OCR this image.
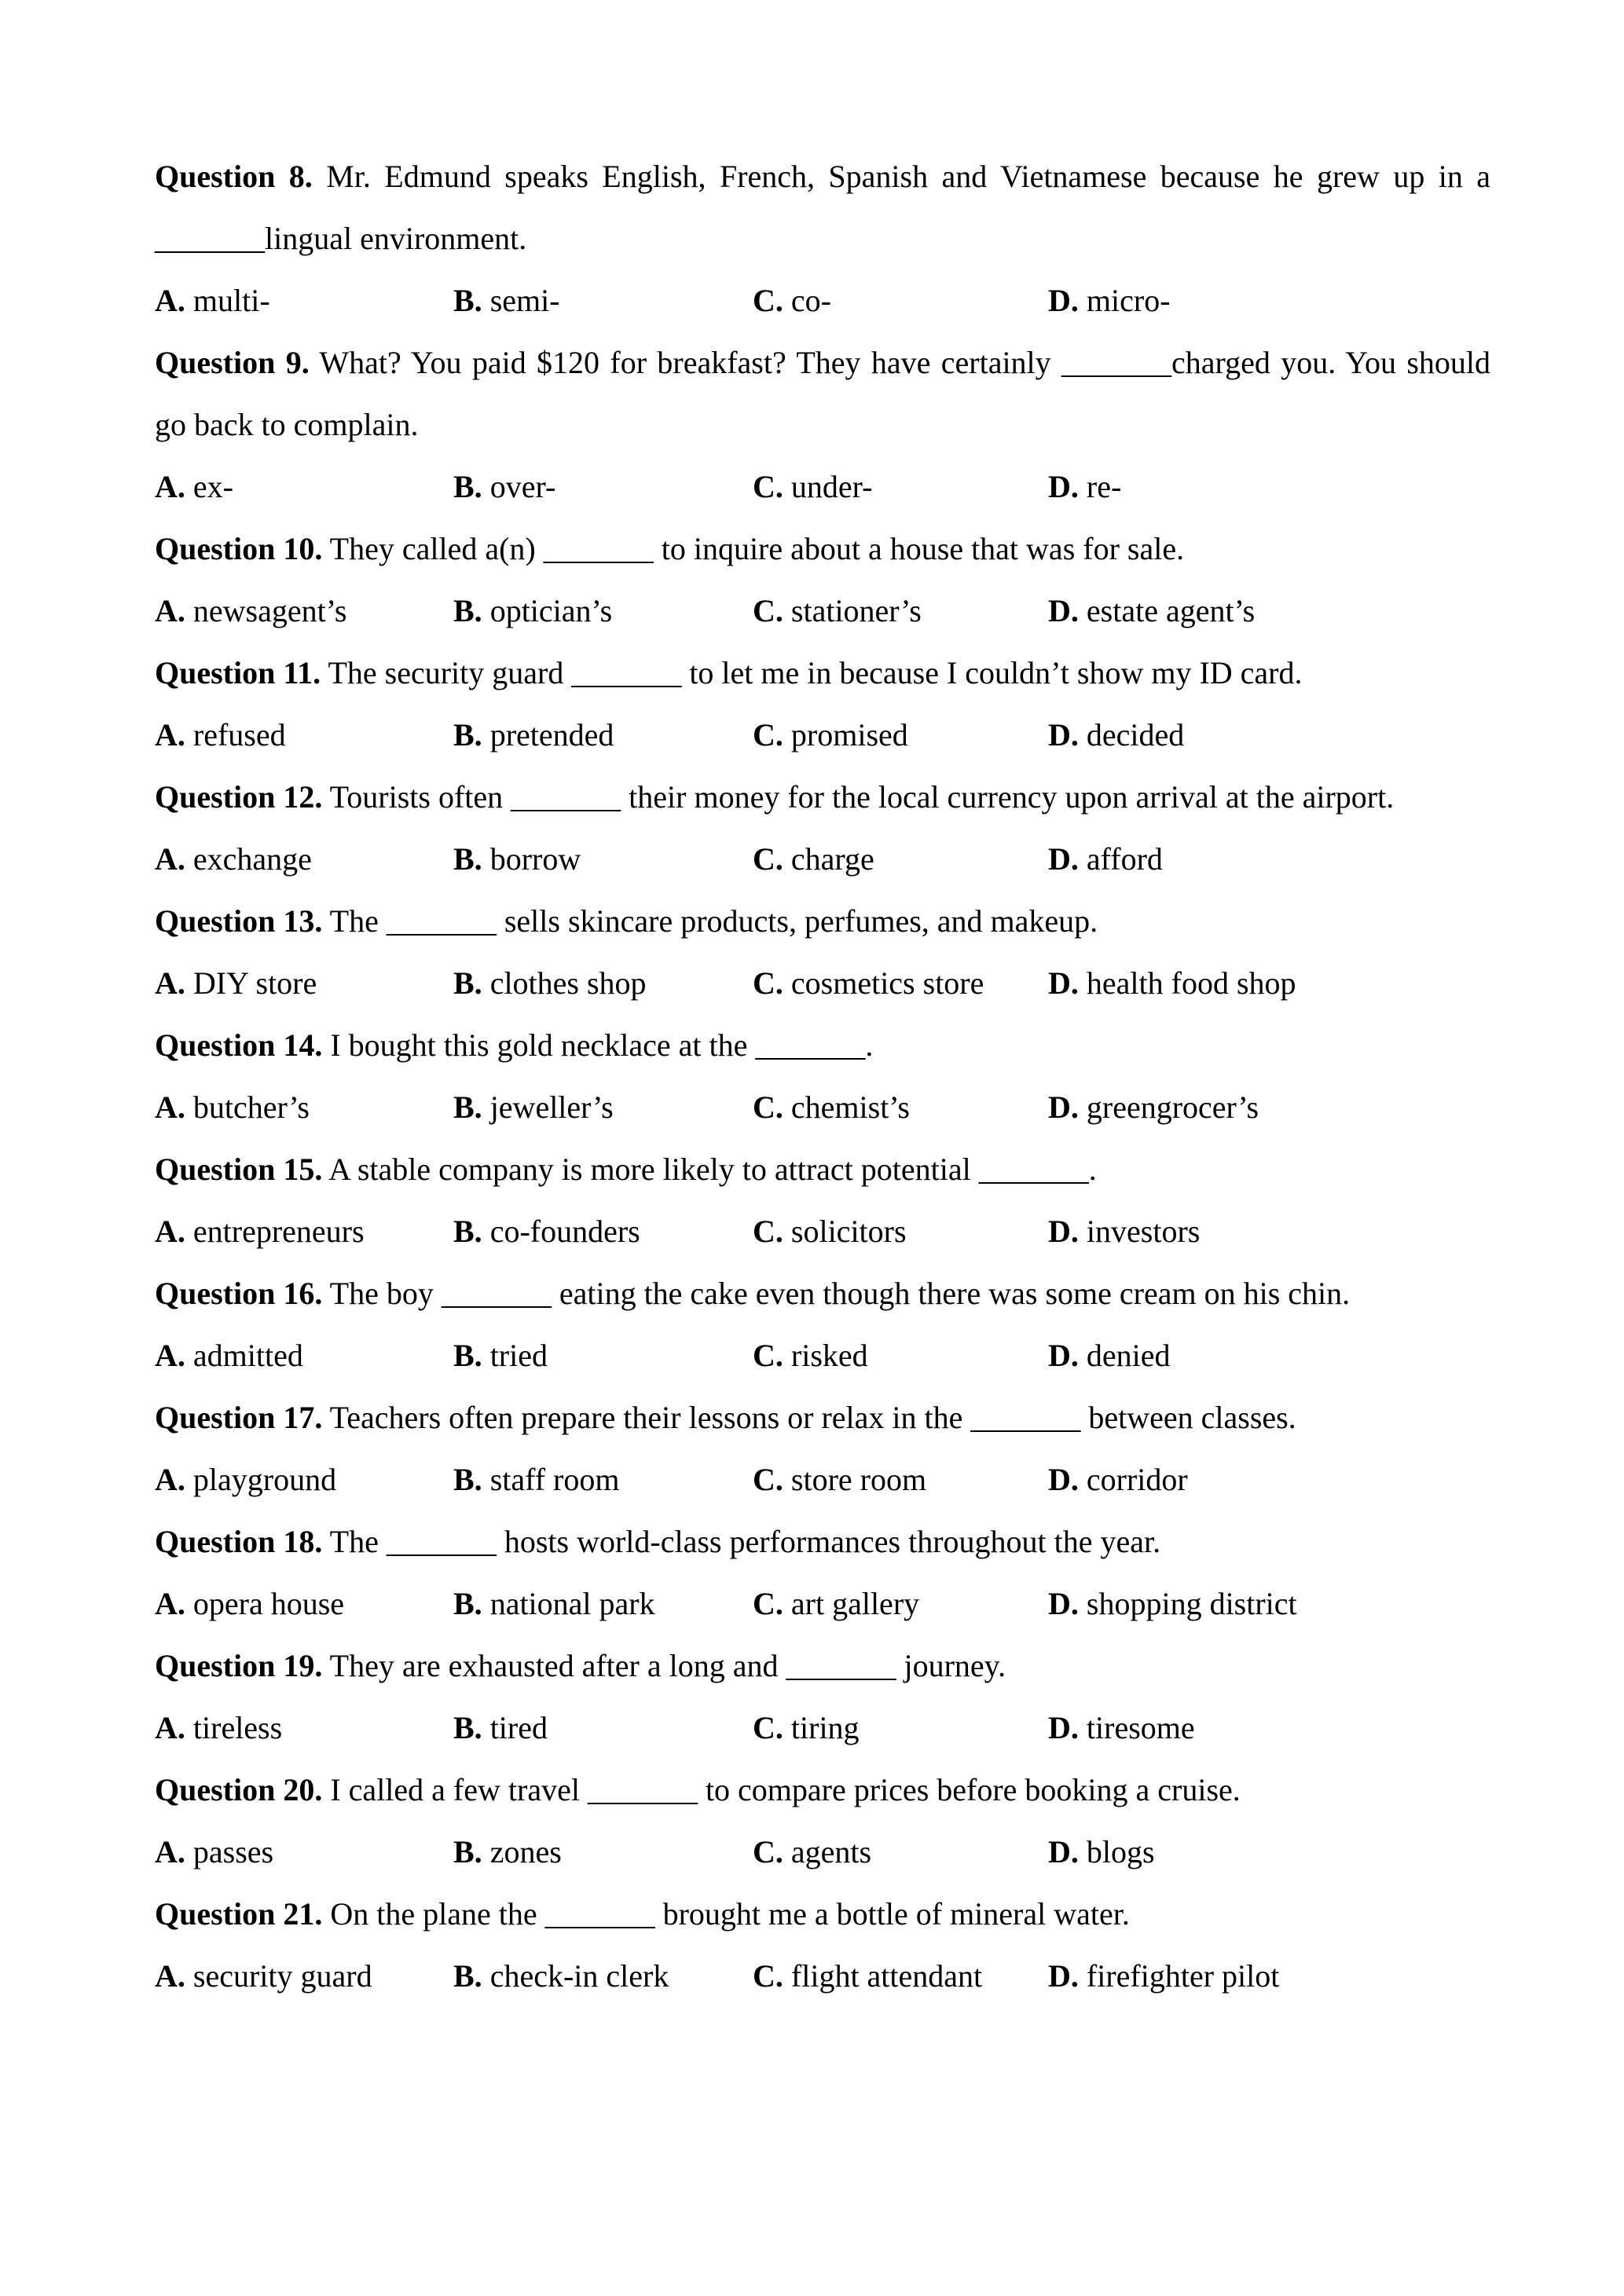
Question 8. Mr. Edmund speaks English, French, Spanish and Vietnamese because he grew up in a _______lingual environment.

A. multi-	B. semi-	C. co-	D. micro-

Question 9. What? You paid $120 for breakfast? They have certainly _______charged you. You should go back to complain.

A. ex-	B. over-	C. under-	D. re-

Question 10. They called a(n) _______ to inquire about a house that was for sale.

A. newsagent’s	B. optician’s	C. stationer’s	D. estate agent’s

Question 11. The security guard _______ to let me in because I couldn’t show my ID card.

A. refused	B. pretended	C. promised	D. decided

Question 12. Tourists often _______ their money for the local currency upon arrival at the airport.

A. exchange	B. borrow	C. charge	D. afford

Question 13. The _______ sells skincare products, perfumes, and makeup.

A. DIY store	B. clothes shop	C. cosmetics store	D. health food shop

Question 14. I bought this gold necklace at the _______.

A. butcher’s	B. jeweller’s	C. chemist’s	D. greengrocer’s

Question 15. A stable company is more likely to attract potential _______.

A. entrepreneurs	B. co-founders	C. solicitors	D. investors

Question 16. The boy _______ eating the cake even though there was some cream on his chin.

A. admitted	B. tried	C. risked	D. denied

Question 17. Teachers often prepare their lessons or relax in the _______ between classes.

A. playground	B. staff room	C. store room	D. corridor

Question 18. The _______ hosts world-class performances throughout the year.

A. opera house	B. national park	C. art gallery	D. shopping district

Question 19. They are exhausted after a long and _______ journey.

A. tireless	B. tired	C. tiring	D. tiresome

Question 20. I called a few travel _______ to compare prices before booking a cruise.

A. passes	B. zones	C. agents	D. blogs

Question 21. On the plane the _______ brought me a bottle of mineral water.

A. security guard	B. check-in clerk	C. flight attendant	D. firefighter pilot
